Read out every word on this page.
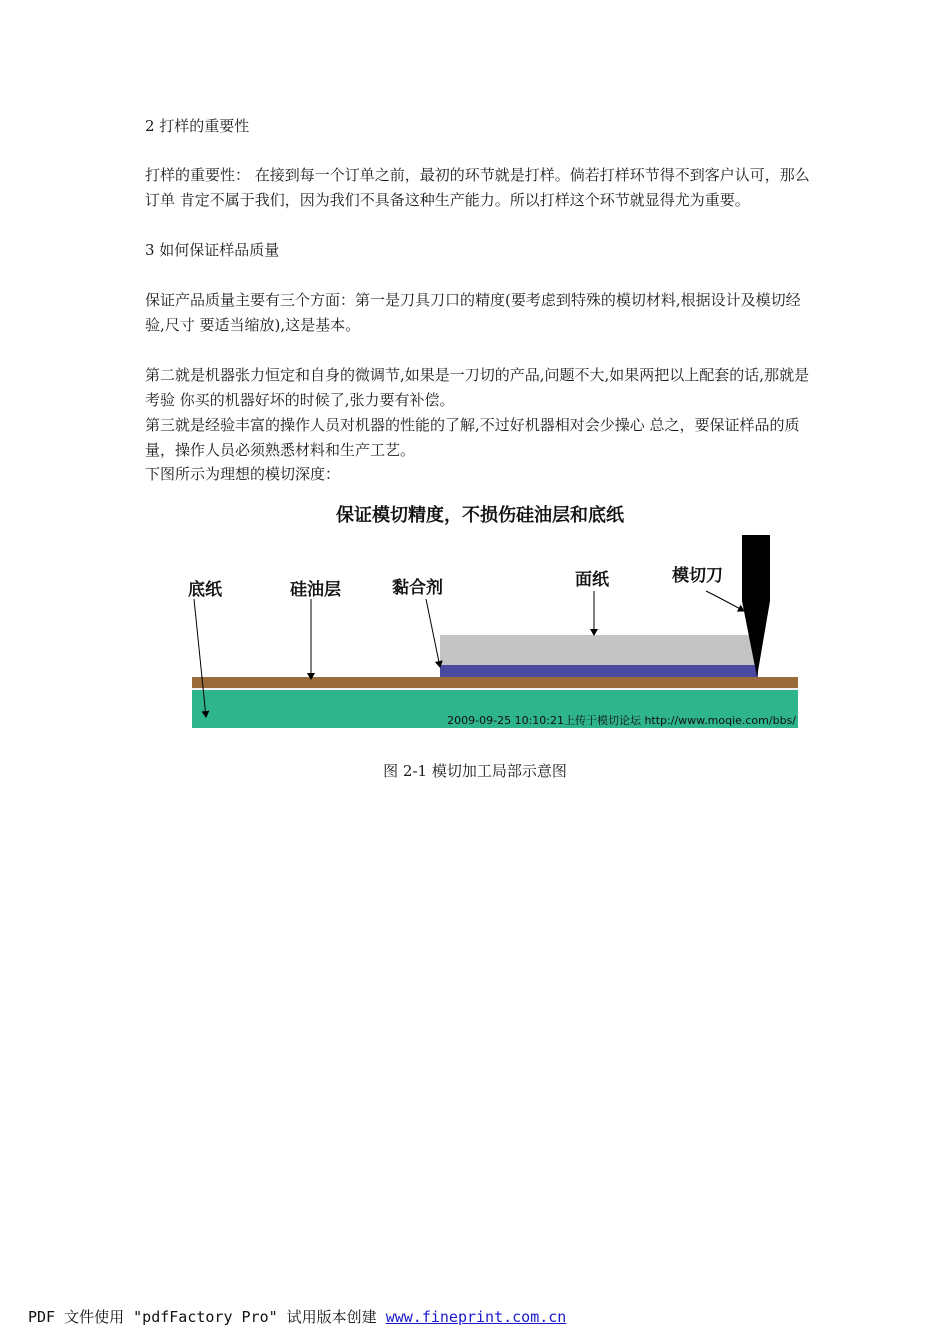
2 打样的重要性

打样的重要性： 在接到每一个订单之前，最初的环节就是打样。倘若打样环节得不到客户认可，那么订单 肯定不属于我们，因为我们不具备这种生产能力。所以打样这个环节就显得尤为重要。

3 如何保证样品质量

保证产品质量主要有三个方面：第一是刀具刀口的精度(要考虑到特殊的模切材料,根据设计及模切经验,尺寸 要适当缩放),这是基本。

第二就是机器张力恒定和自身的微调节,如果是一刀切的产品,问题不大,如果两把以上配套的话,那就是考验 你买的机器好坏的时候了,张力要有补偿。

第三就是经验丰富的操作人员对机器的性能的了解,不过好机器相对会少操心 总之，要保证样品的质量，操作人员必须熟悉材料和生产工艺。

下图所示为理想的模切深度：

保证模切精度，不损伤硅油层和底纸
底纸	硅油层	黏合剂	面纸	模切刀
2009-09-25 10:10:21上传于模切论坛 http://www.moqie.com/bbs/

图 2-1 模切加工局部示意图

PDF 文件使用 "pdfFactory Pro" 试用版本创建 www.fineprint.com.cn
